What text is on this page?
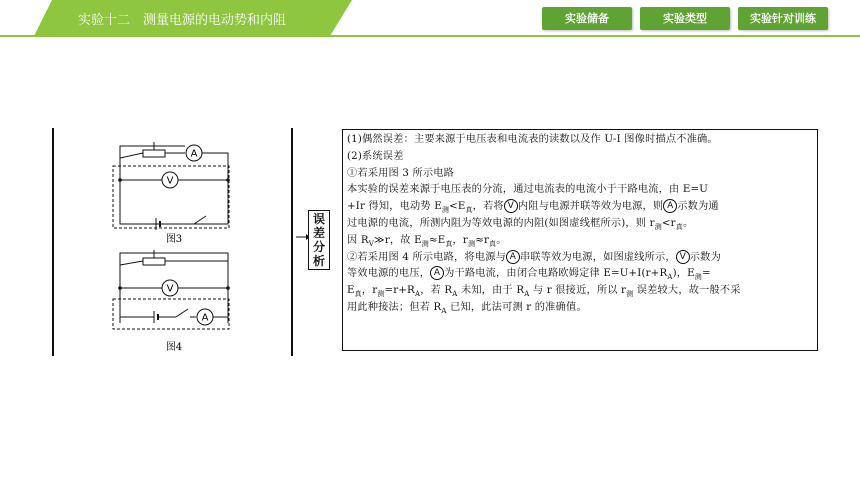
实验十二　测量电源的电动势和内阻	实验储备	实验类型	实验针对训练
A
V
图3
V
A
图4
误
差
分
析
(1)偶然误差：主要来源于电压表和电流表的读数以及作 U-I 图像时描点不准确。
(2)系统误差
①若采用图 3 所示电路
本实验的误差来源于电压表的分流，通过电流表的电流小于干路电流，由 E=U
+Ir 得知，电动势 $E_测<E_真$，若将 V 内阻与电源并联等效为电源，则 A 示数为通
过电源的电流，所测内阻为等效电源的内阻(如图虚线框所示)，则 $r_测<r_真$。
因 $R_V≫r$，故 $E_测\approx E_真$，$r_测\approx r_真$。
②若采用图 4 所示电路，将电源与 A 串联等效为电源，如图虚线所示， V 示数为
等效电源的电压， A 为干路电流，由闭合电路欧姆定律 $E=U+I(r+R_A)$，$E_测=$
$E_真$，$r_测=r+R_A$，若 $R_A$ 未知，由于 $R_A$ 与 r 很接近，所以 $r_测$ 误差较大，故一般不采
用此种接法；但若 $R_A$ 已知，此法可测 r 的准确值。
